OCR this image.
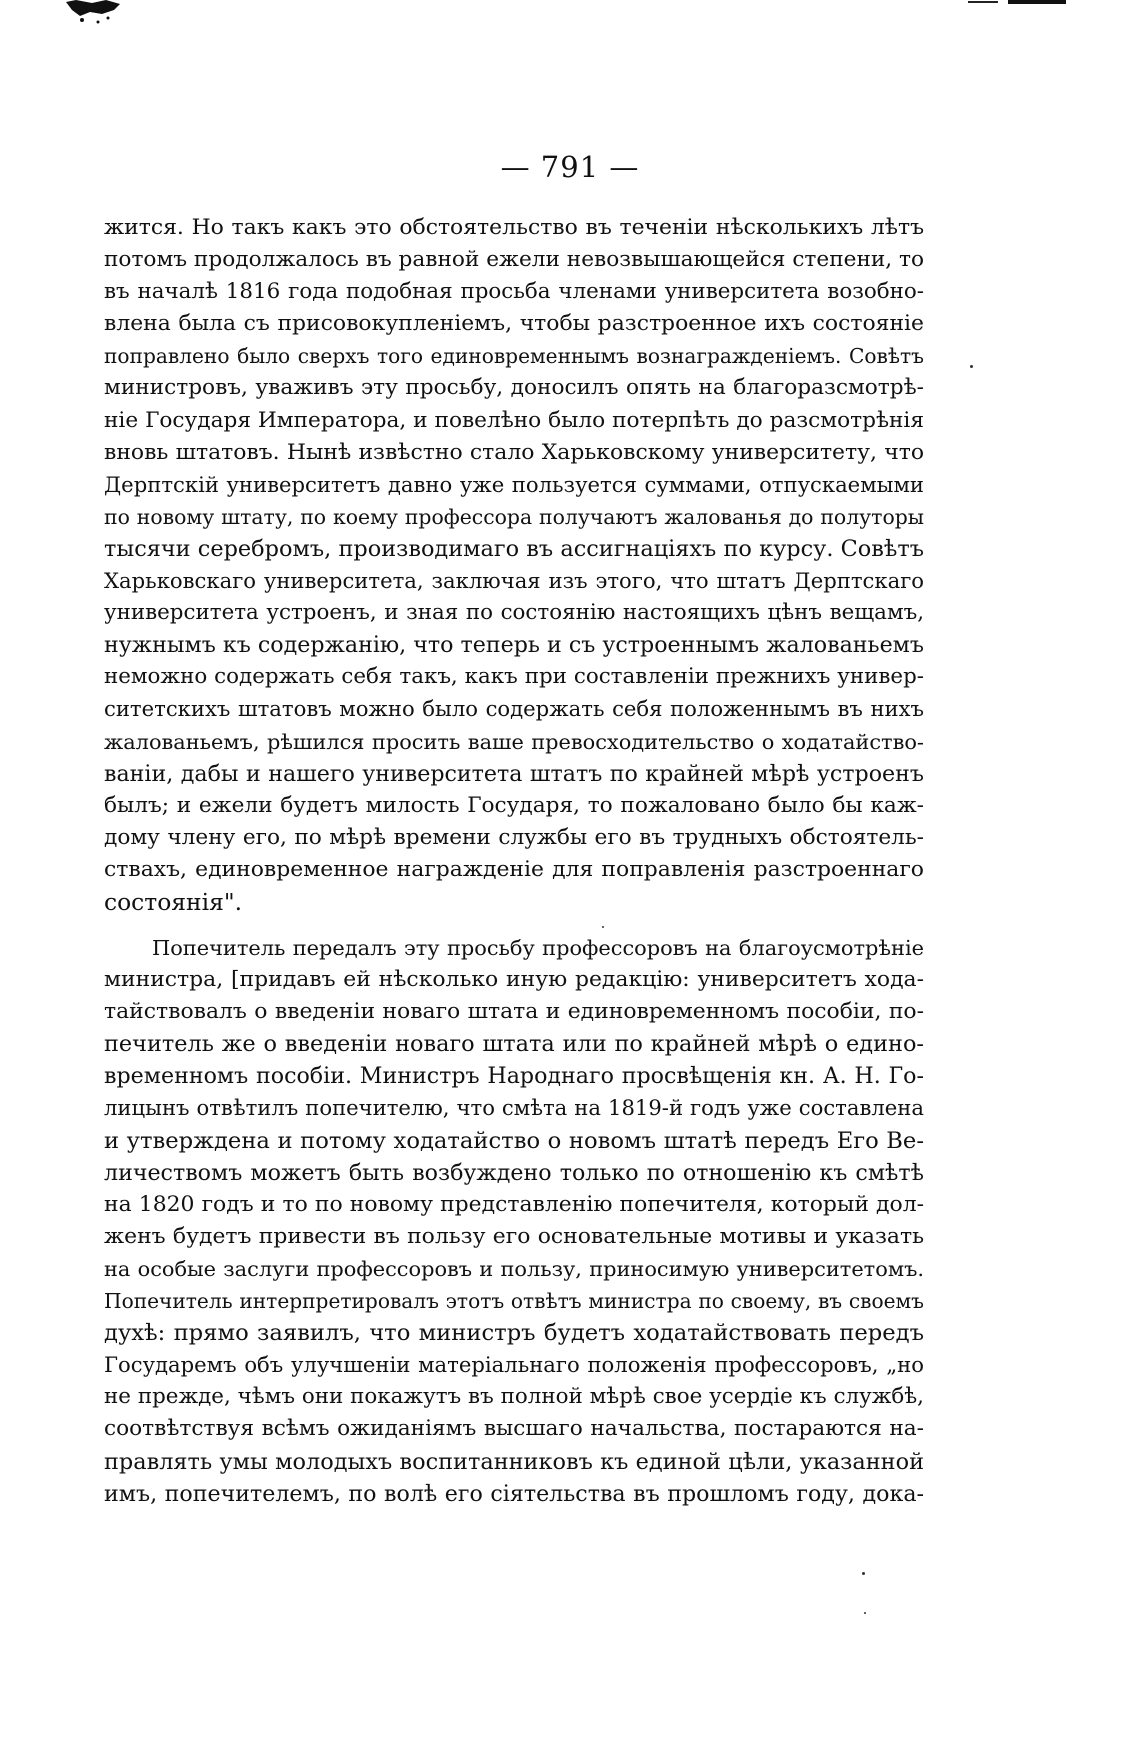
— 791 —
жится. Но такъ какъ это обстоятельство въ теченіи нѣсколькихъ лѣтъ
потомъ продолжалось въ равной ежели невозвышающейся степени, то
въ началѣ 1816 года подобная просьба членами университета возобно-
влена была съ присовокупленіемъ, чтобы разстроенное ихъ состояніе
поправлено было сверхъ того единовременнымъ вознагражденіемъ. Совѣтъ
министровъ, уваживъ эту просьбу, доносилъ опять на благоразсмотрѣ-
ніе Государя Императора, и повелѣно было потерпѣть до разсмотрѣнія
вновь штатовъ. Нынѣ извѣстно стало Харьковскому университету, что
Дерптскій университетъ давно уже пользуется суммами, отпускаемыми
по новому штату, по коему профессора получаютъ жалованья до полуторы
тысячи серебромъ, производимаго въ ассигнаціяхъ по курсу. Совѣтъ
Харьковскаго университета, заключая изъ этого, что штатъ Дерптскаго
университета устроенъ, и зная по состоянію настоящихъ цѣнъ вещамъ,
нужнымъ къ содержанію, что теперь и съ устроеннымъ жалованьемъ
неможно содержать себя такъ, какъ при составленіи прежнихъ универ-
ситетскихъ штатовъ можно было содержать себя положеннымъ въ нихъ
жалованьемъ, рѣшился просить ваше превосходительство о ходатайство-
ваніи, дабы и нашего университета штатъ по крайней мѣрѣ устроенъ
былъ; и ежели будетъ милость Государя, то пожаловано было бы каж-
дому члену его, по мѣрѣ времени службы его въ трудныхъ обстоятель-
ствахъ, единовременное награжденіе для поправленія разстроеннаго
состоянія".
Попечитель передалъ эту просьбу профессоровъ на благоусмотрѣніе
министра, [придавъ ей нѣсколько иную редакцію: университетъ хода-
тайствовалъ о введеніи новаго штата и единовременномъ пособіи, по-
печитель же о введеніи новаго штата или по крайней мѣрѣ о едино-
временномъ пособіи. Министръ Народнаго просвѣщенія кн. А. Н. Го-
лицынъ отвѣтилъ попечителю, что смѣта на 1819-й годъ уже составлена
и утверждена и потому ходатайство о новомъ штатѣ передъ Его Ве-
личествомъ можетъ быть возбуждено только по отношенію къ смѣтѣ
на 1820 годъ и то по новому представленію попечителя, который дол-
женъ будетъ привести въ пользу его основательные мотивы и указать
на особые заслуги профессоровъ и пользу, приносимую университетомъ.
Попечитель интерпретировалъ этотъ отвѣтъ министра по своему, въ своемъ
духѣ: прямо заявилъ, что министръ будетъ ходатайствовать передъ
Государемъ объ улучшеніи матеріальнаго положенія профессоровъ, „но
не прежде, чѣмъ они покажутъ въ полной мѣрѣ свое усердіе къ службѣ,
соотвѣтствуя всѣмъ ожиданіямъ высшаго начальства, постараются на-
правлять умы молодыхъ воспитанниковъ къ единой цѣли, указанной
имъ, попечителемъ, по волѣ его сіятельства въ прошломъ году, дока-
